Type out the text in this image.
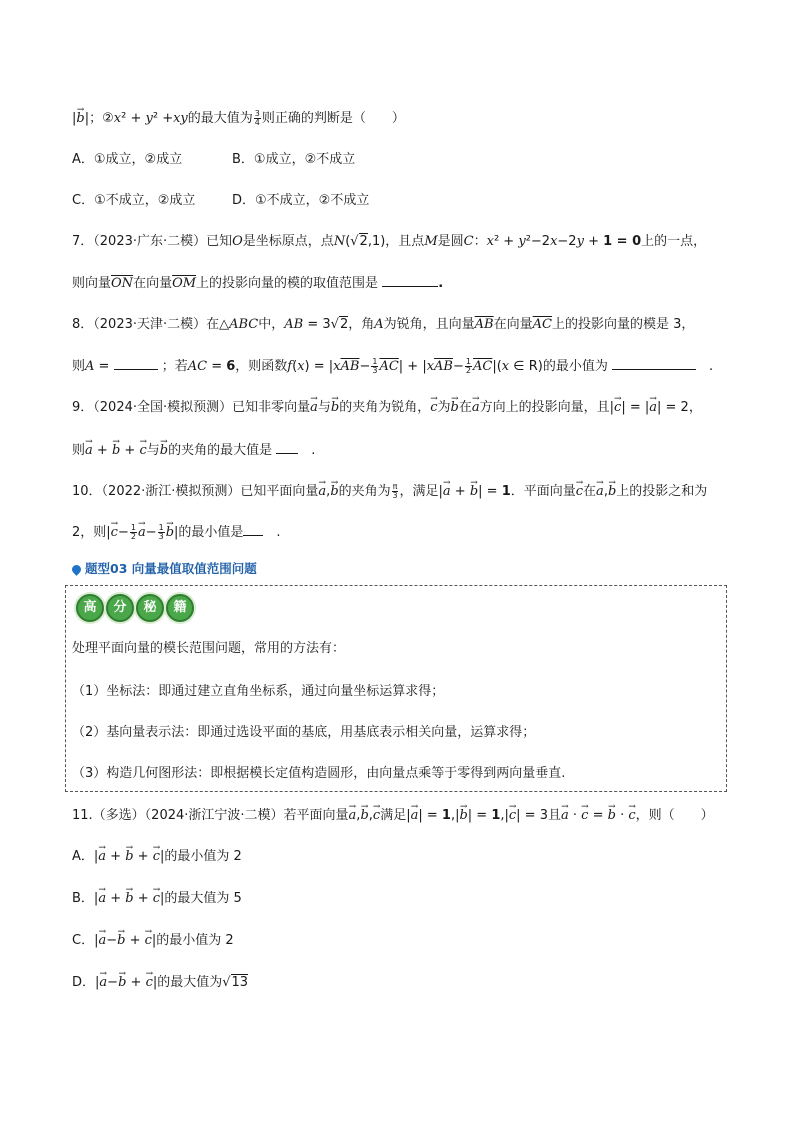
|→ b|；②x² + y² +xy的最大值为 $\frac{3}{4}$ 则正确的判断是（　　）
A．①成立，②成立	B．①成立，②不成立
C．①不成立，②成立	D．①不成立，②不成立
7．（2023·广东·二模）已知O是坐标原点，点N(√2,1)，且点M是圆C：x² + y²−2x−2y + 1 = 0上的一点，
则向量$\overline{ON}$在向量$\overline{OM}$上的投影向量的模的取值范围是	.
8．（2023·天津·二模）在△ABC中，AB = 3√2，角A为锐角，且向量$\overline{AB}$在向量$\overline{AC}$上的投影向量的模是 3，
则A =	；若AC = 6，则函数$f(x) = |x\overline{AB}- \frac{1}{3} \overline{AC}| + |x\overline{AB}- \frac{1}{2} \overline{AC}|(x$ ∈ R)的最小值为	　.
9．（2024·全国·模拟预测）已知非零向量→ a与→ b的夹角为锐角，→ c为→ b在→ a方向上的投影向量，且|→ c| = |→ a| = 2，
则→ a + → b + → c与→ b的夹角的最大值是 　.
10．（2022·浙江·模拟预测）已知平面向量→ a,→ b的夹角为 $\frac{\pi}{3}$ ，满足|→ a + → b| = 1．平面向量→ c在→ a,→ b上的投影之和为
2，则|→ $c- \frac{1}{2} \to a- \frac{1}{3} \to b|$的最小值是　.
题型03 向量最值取值范围问题
高 分 秘 籍
处理平面向量的模长范围问题，常用的方法有：
（1）坐标法：即通过建立直角坐标系，通过向量坐标运算求得；
（2）基向量表示法：即通过选设平面的基底，用基底表示相关向量，运算求得；
（3）构造几何图形法：即根据模长定值构造圆形，由向量点乘等于零得到两向量垂直.
11.（多选）（2024·浙江宁波·二模）若平面向量→ a,→ b,→ c满足|→ a| = 1,|→ b| = 1,|→ c| = 3且→ a · → c = → b · → c，则（　　）
A．|→ a + → b + → c|的最小值为 2
B．|→ a + → b + → c|的最大值为 5
C．|→ a−→ b + → c|的最小值为 2
D．|→ a−→ b + → c|的最大值为√13
